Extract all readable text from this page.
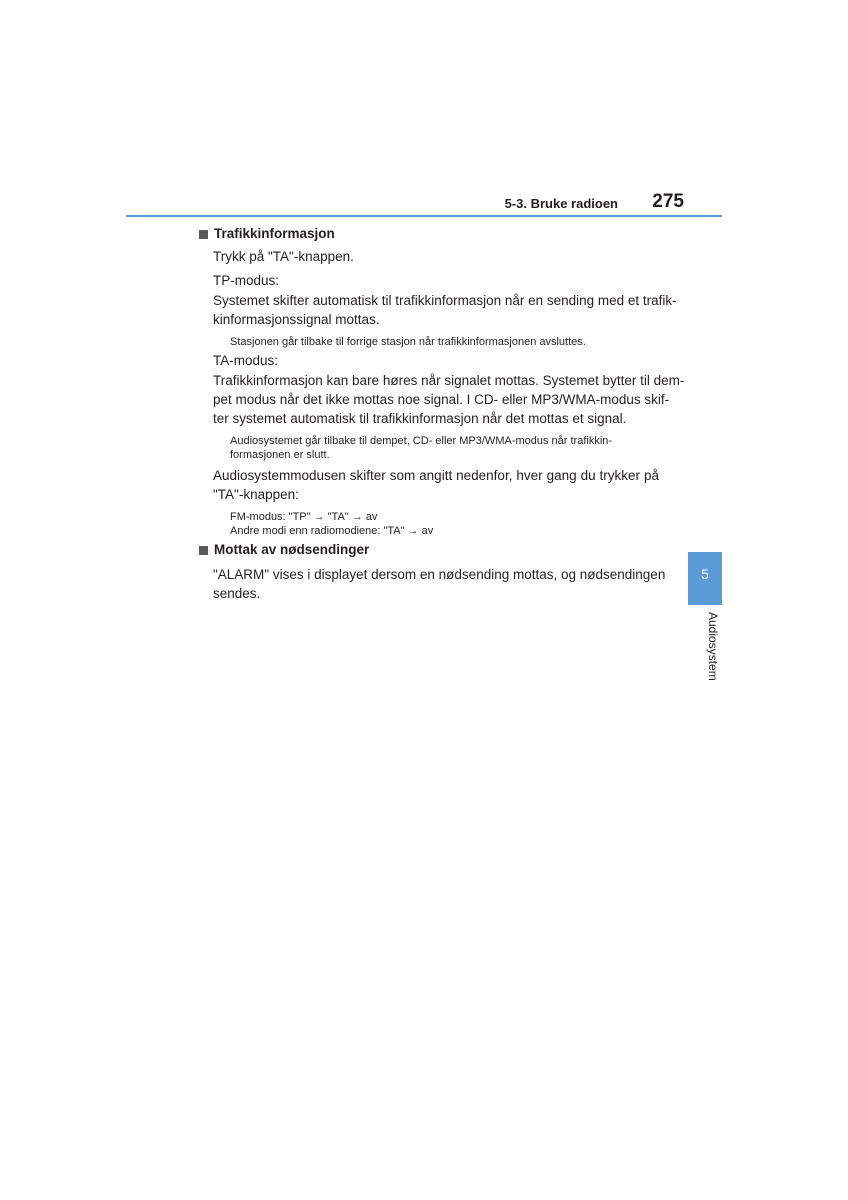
5-3. Bruke radioen	275
Trafikkinformasjon
Trykk på "TA"-knappen.
TP-modus:
Systemet skifter automatisk til trafikkinformasjon når en sending med et trafik-
kinformasjonssignal mottas.
Stasjonen går tilbake til forrige stasjon når trafikkinformasjonen avsluttes.
TA-modus:
Trafikkinformasjon kan bare høres når signalet mottas. Systemet bytter til dem-
pet modus når det ikke mottas noe signal. I CD- eller MP3/WMA-modus skif-
ter systemet automatisk til trafikkinformasjon når det mottas et signal.
Audiosystemet går tilbake til dempet, CD- eller MP3/WMA-modus når trafikkin-
formasjonen er slutt.
Audiosystemmodusen skifter som angitt nedenfor, hver gang du trykker på
"TA"-knappen:
FM-modus: "TP" → "TA" → av
Andre modi enn radiomodiene: "TA" → av
Mottak av nødsendinger
"ALARM" vises i displayet dersom en nødsending mottas, og nødsendingen
sendes.
5
Audiosystem
